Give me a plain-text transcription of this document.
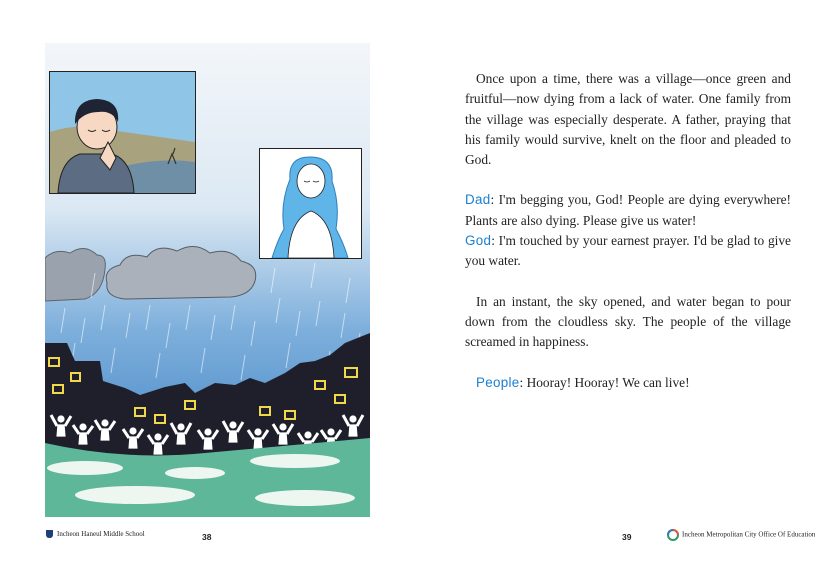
Once upon a time, there was a village—once green and fruitful—now dying from a lack of water. One family from the village was especially desperate. A father, praying that his family would survive, knelt on the floor and pleaded to God.

Dad: I'm begging you, God! People are dying everywhere! Plants are also dying. Please give us water!

God: I'm touched by your earnest prayer. I'd be glad to give you water.

In an instant, the sky opened, and water began to pour down from the cloudless sky. The people of the village screamed in happiness.

People: Hooray! Hooray! We can live!

Incheon Haneul Middle School	38	39	Incheon Metropolitan City Office Of Education
